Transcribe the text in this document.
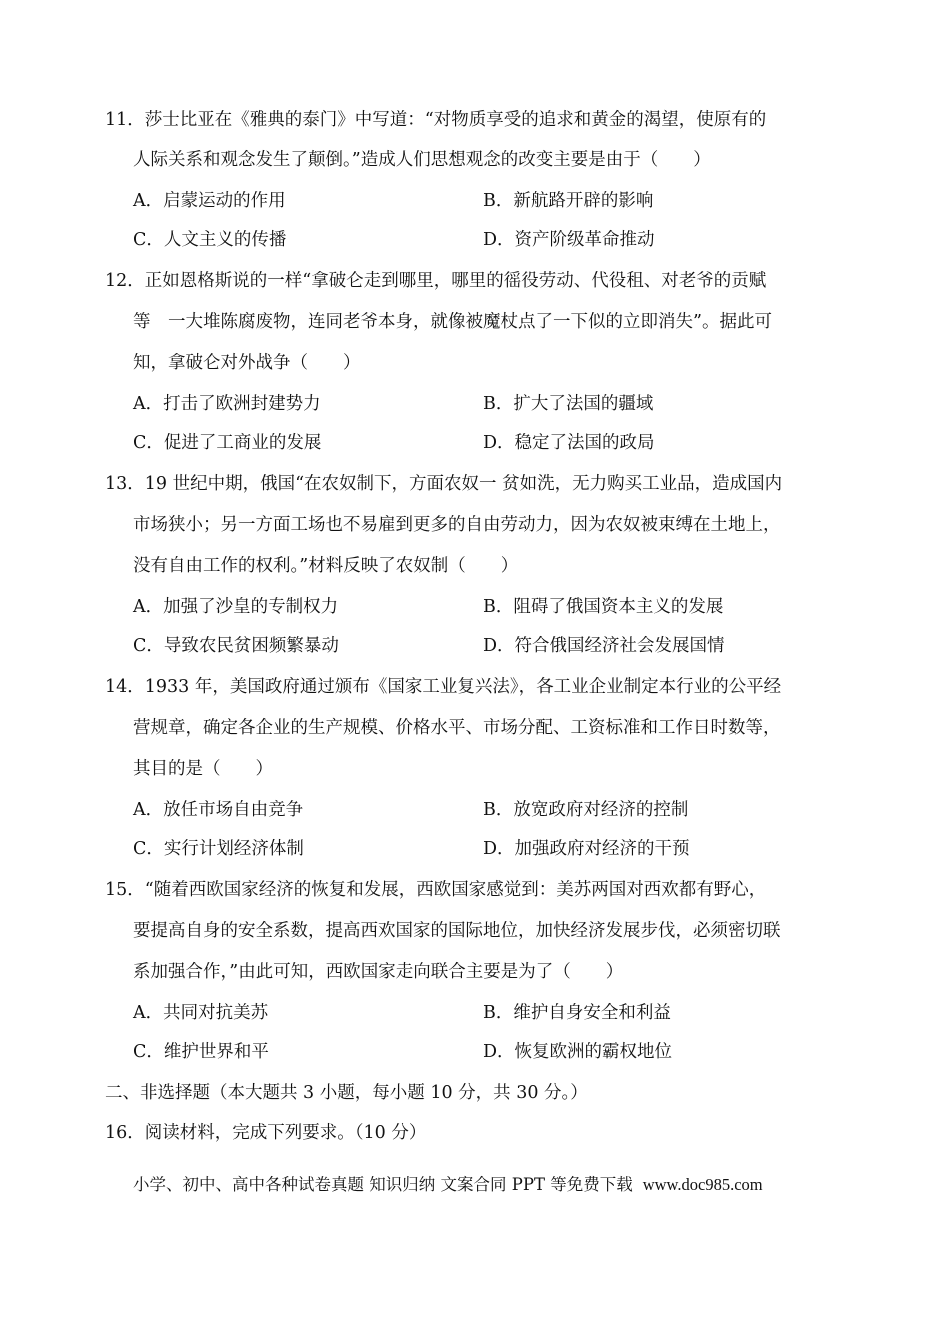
11．莎士比亚在《雅典的泰门》中写道：“对物质享受的追求和黄金的渴望，使原有的
人际关系和观念发生了颠倒。”造成人们思想观念的改变主要是由于（　　）
A．启蒙运动的作用	B．新航路开辟的影响
C．人文主义的传播	D．资产阶级革命推动
12．正如恩格斯说的一样“拿破仑走到哪里，哪里的徭役劳动、代役租、对老爷的贡赋
等　一大堆陈腐废物，连同老爷本身，就像被魔杖点了一下似的立即消失”。据此可
知，拿破仑对外战争（　　）
A．打击了欧洲封建势力	B．扩大了法国的疆域
C．促进了工商业的发展	D．稳定了法国的政局
13．19 世纪中期，俄国“在农奴制下，方面农奴一 贫如洗，无力购买工业品，造成国内
市场狭小；另一方面工场也不易雇到更多的自由劳动力，因为农奴被束缚在土地上，
没有自由工作的权利。”材料反映了农奴制（　　）
A．加强了沙皇的专制权力	B．阻碍了俄国资本主义的发展
C．导致农民贫困频繁暴动	D．符合俄国经济社会发展国情
14．1933 年，美国政府通过颁布《国家工业复兴法》，各工业企业制定本行业的公平经
营规章，确定各企业的生产规模、价格水平、市场分配、工资标准和工作日时数等，
其目的是（　　）
A．放任市场自由竞争	B．放宽政府对经济的控制
C．实行计划经济体制	D．加强政府对经济的干预
15．“随着西欧国家经济的恢复和发展，西欧国家感觉到：美苏两国对西欢都有野心，
要提高自身的安全系数，提高西欢国家的国际地位，加快经济发展步伐，必须密切联
系加强合作，”由此可知，西欧国家走向联合主要是为了（　　）
A．共同对抗美苏	B．维护自身安全和利益
C．维护世界和平	D．恢复欧洲的霸权地位
二、非选择题（本大题共 3 小题，每小题 10 分，共 30 分。）
16．阅读材料，完成下列要求。（10 分）
小学、初中、高中各种试卷真题 知识归纳 文案合同 PPT 等免费下载 www.doc985.com
